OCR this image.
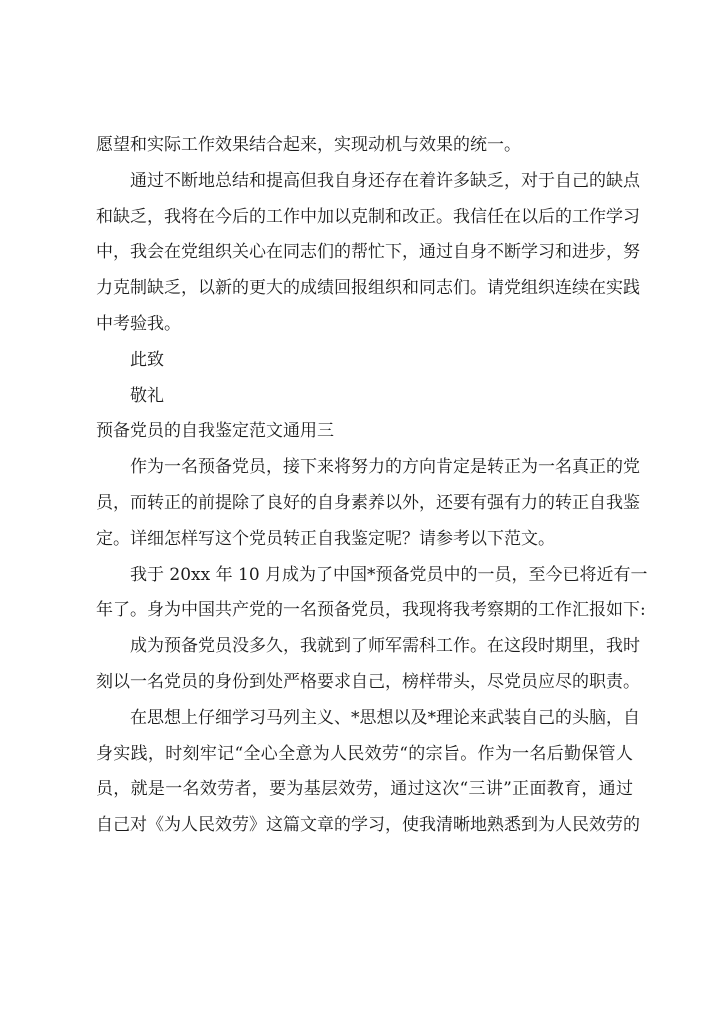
愿望和实际工作效果结合起来，实现动机与效果的统一。
通过不断地总结和提高但我自身还存在着许多缺乏，对于自己的缺点
和缺乏，我将在今后的工作中加以克制和改正。我信任在以后的工作学习
中，我会在党组织关心在同志们的帮忙下，通过自身不断学习和进步，努
力克制缺乏，以新的更大的成绩回报组织和同志们。请党组织连续在实践
中考验我。
此致
敬礼
预备党员的自我鉴定范文通用三
作为一名预备党员，接下来将努力的方向肯定是转正为一名真正的党
员，而转正的前提除了良好的自身素养以外，还要有强有力的转正自我鉴
定。详细怎样写这个党员转正自我鉴定呢？请参考以下范文。
我于 20xx 年 10 月成为了中国*预备党员中的一员，至今已将近有一
年了。身为中国共产党的一名预备党员，我现将我考察期的工作汇报如下:
成为预备党员没多久，我就到了师军需科工作。在这段时期里，我时
刻以一名党员的身份到处严格要求自己，榜样带头，尽党员应尽的职责。
在思想上仔细学习马列主义、*思想以及*理论来武装自己的头脑，自
身实践，时刻牢记“全心全意为人民效劳“的宗旨。作为一名后勤保管人
员，就是一名效劳者，要为基层效劳，通过这次“三讲”正面教育，通过
自己对《为人民效劳》这篇文章的学习，使我清晰地熟悉到为人民效劳的
